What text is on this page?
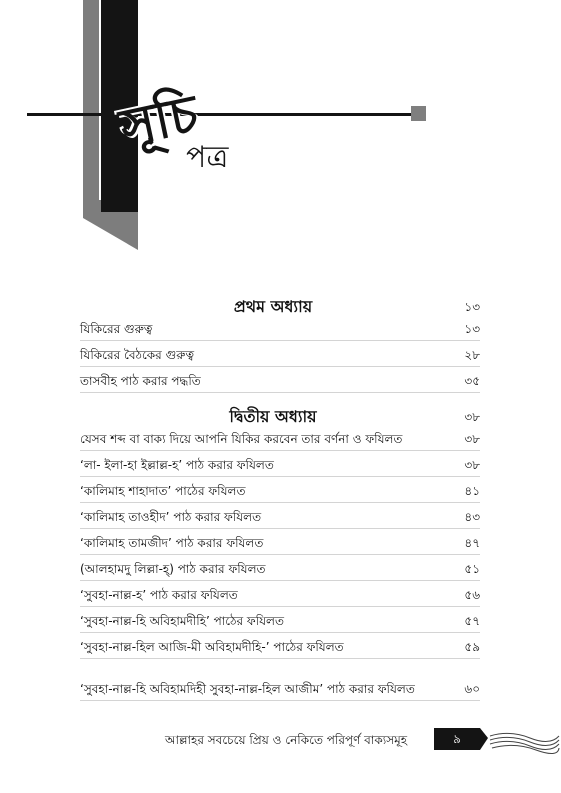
সূচি
পত্র
প্রথম অধ্যায়	১৩
যিকিরের গুরুত্ব	১৩
যিকিরের বৈঠকের গুরুত্ব	২৮
তাসবীহ পাঠ করার পদ্ধতি	৩৫
দ্বিতীয় অধ্যায়	৩৮
যেসব শব্দ বা বাক্য দিয়ে আপনি যিকির করবেন তার বর্ণনা ও ফযিলত	৩৮
‘লা- ইলা-হা ইল্লাল্ল-হ’ পাঠ করার ফযিলত	৩৮
‘কালিমাহ শাহাদাত’ পাঠের ফযিলত	৪১
‘কালিমাহ তাওহীদ’ পাঠ করার ফযিলত	৪৩
‘কালিমাহ তামজীদ’ পাঠ করার ফযিলত	৪৭
(আলহামদু লিল্লা-হ্) পাঠ করার ফযিলত	৫১
‘সুবহা-নাল্ল-হ’ পাঠ করার ফযিলত	৫৬
‘সুবহা-নাল্ল-হি অবিহামদীহি’ পাঠের ফযিলত	৫৭
‘সুবহা-নাল্ল-হিল আজি-মী অবিহামদীহি-’ পাঠের ফযিলত	৫৯
‘সুবহা-নাল্ল-হি অবিহামদিহী সুবহা-নাল্ল-হিল আজীম’ পাঠ করার ফযিলত	৬০
আল্লাহর সবচেয়ে প্রিয় ও নেকিতে পরিপূর্ণ বাক্যসমূহ	৯
